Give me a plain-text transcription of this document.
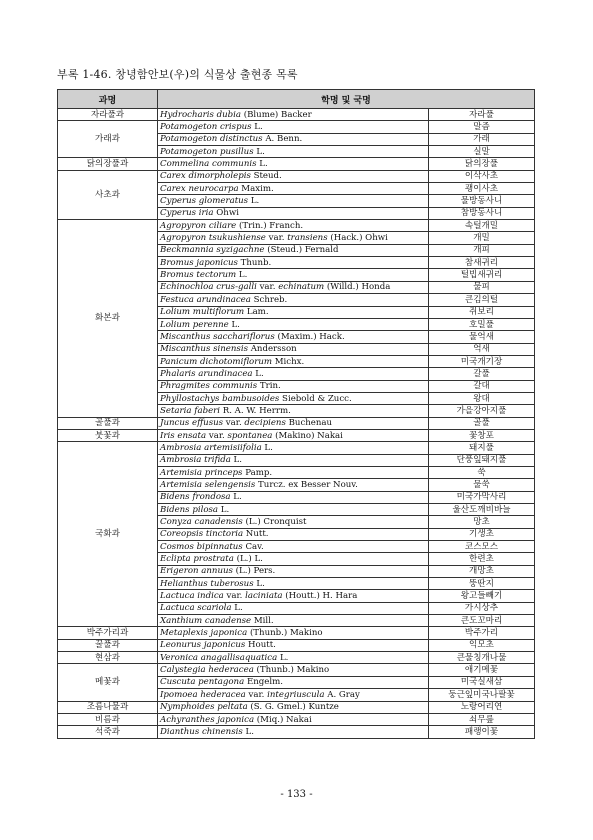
부록 1-46. 창녕함안보(우)의 식물상 출현종 목록
과명	학명 및 국명	
자라풀과	Hydrocharis dubia (Blume) Backer	자라풀
가래과	Potamogeton crispus L.	말즘
	Potamogeton distinctus A. Benn.	가래
	Potamogeton pusillus L.	실말
닭의장풀과	Commelina communis L.	닭의장풀
사초과	Carex dimorpholepis Steud.	이삭사초
	Carex neurocarpa Maxim.	괭이사초
	Cyperus glomeratus L.	물방동사니
	Cyperus iria Ohwi	참방동사니
화본과	Agropyron ciliare (Trin.) Franch.	속털개밀
	Agropyron tsukushiense var. transiens (Hack.) Ohwi	개밀
	Beckmannia syzigachne (Steud.) Fernald	개피
	Bromus japonicus Thunb.	참새귀리
	Bromus tectorum L.	털빕새귀리
	Echinochloa crus-galli var. echinatum (Willd.) Honda	물피
	Festuca arundinacea Schreb.	큰김의털
	Lolium multiflorum Lam.	쥐보리
	Lolium perenne L.	호밀풀
	Miscanthus sacchariflorus (Maxim.) Hack.	물억새
	Miscanthus sinensis Andersson	억새
	Panicum dichotomiflorum Michx.	미국개기장
	Phalaris arundinacea L.	갈풀
	Phragmites communis Trin.	갈대
	Phyllostachys bambusoides Siebold & Zucc.	왕대
	Setaria faberi R. A. W. Herrm.	가을강아지풀
골풀과	Juncus effusus var. decipiens Buchenau	골풀
붓꽃과	Iris ensata var. spontanea (Makino) Nakai	꽃창포
국화과	Ambrosia artemisiifolia L.	돼지풀
	Ambrosia trifida L.	단풍잎돼지풀
	Artemisia princeps Pamp.	쑥
	Artemisia selengensis Turcz. ex Besser Nouv.	물쑥
	Bidens frondosa L.	미국가막사리
	Bidens pilosa L.	울산도깨비바늘
	Conyza canadensis (L.) Cronquist	망초
	Coreopsis tinctoria Nutt.	기생초
	Cosmos bipinnatus Cav.	코스모스
	Eclipta prostrata (L.) L.	한련초
	Erigeron annuus (L.) Pers.	개망초
	Helianthus tuberosus L.	뚱딴지
	Lactuca indica var. laciniata (Houtt.) H. Hara	왕고들빼기
	Lactuca scariola L.	가시상추
	Xanthium canadense Mill.	큰도꼬마리
박주가리과	Metaplexis japonica (Thunb.) Makino	박주가리
꿀풀과	Leonurus japonicus Houtt.	익모초
현삼과	Veronica anagallisaquatica L.	큰물칭개나물
메꽃과	Calystegia hederacea (Thunb.) Makino	애기메꽃
	Cuscuta pentagona Engelm.	미국실새삼
	Ipomoea hederacea var. integriuscula A. Gray	둥근잎미국나팔꽃
조름나물과	Nymphoides peltata (S. G. Gmel.) Kuntze	노랑어리연
비름과	Achyranthes japonica (Miq.) Nakai	쇠무릎
석죽과	Dianthus chinensis L.	패랭이꽃
- 133 -
